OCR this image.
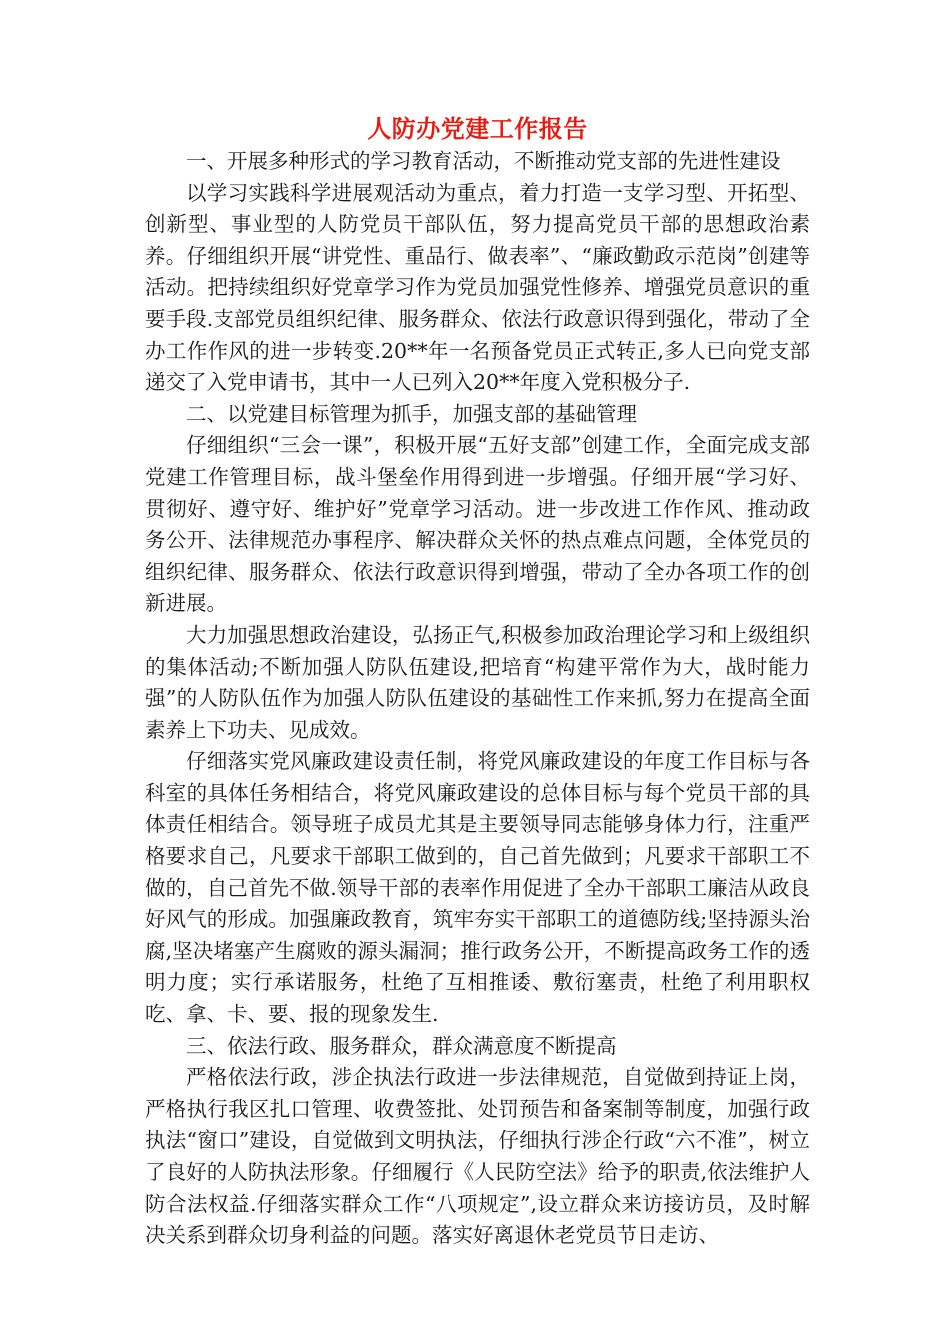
人防办党建工作报告

一、开展多种形式的学习教育活动，不断推动党支部的先进性建设

以学习实践科学进展观活动为重点，着力打造一支学习型、开拓型、创新型、事业型的人防党员干部队伍，努力提高党员干部的思想政治素养。仔细组织开展“讲党性、重品行、做表率”、“廉政勤政示范岗”创建等活动。把持续组织好党章学习作为党员加强党性修养、增强党员意识的重要手段.支部党员组织纪律、服务群众、依法行政意识得到强化，带动了全办工作作风的进一步转变.20**年一名预备党员正式转正,多人已向党支部递交了入党申请书，其中一人已列入20**年度入党积极分子.

二、以党建目标管理为抓手，加强支部的基础管理

仔细组织“三会一课”，积极开展“五好支部”创建工作，全面完成支部党建工作管理目标，战斗堡垒作用得到进一步增强。仔细开展“学习好、贯彻好、遵守好、维护好”党章学习活动。进一步改进工作作风、推动政务公开、法律规范办事程序、解决群众关怀的热点难点问题，全体党员的组织纪律、服务群众、依法行政意识得到增强，带动了全办各项工作的创新进展。

大力加强思想政治建设，弘扬正气,积极参加政治理论学习和上级组织的集体活动;不断加强人防队伍建设,把培育“构建平常作为大，战时能力强”的人防队伍作为加强人防队伍建设的基础性工作来抓,努力在提高全面素养上下功夫、见成效。

仔细落实党风廉政建设责任制，将党风廉政建设的年度工作目标与各科室的具体任务相结合，将党风廉政建设的总体目标与每个党员干部的具体责任相结合。领导班子成员尤其是主要领导同志能够身体力行，注重严格要求自己，凡要求干部职工做到的，自己首先做到；凡要求干部职工不做的，自己首先不做.领导干部的表率作用促进了全办干部职工廉洁从政良好风气的形成。加强廉政教育，筑牢夯实干部职工的道德防线;坚持源头治腐,坚决堵塞产生腐败的源头漏洞；推行政务公开，不断提高政务工作的透明力度；实行承诺服务，杜绝了互相推诿、敷衍塞责，杜绝了利用职权吃、拿、卡、要、报的现象发生.

三、依法行政、服务群众，群众满意度不断提高

严格依法行政，涉企执法行政进一步法律规范，自觉做到持证上岗，严格执行我区扎口管理、收费签批、处罚预告和备案制等制度，加强行政执法“窗口”建设，自觉做到文明执法，仔细执行涉企行政“六不准”，树立了良好的人防执法形象。仔细履行《人民防空法》给予的职责,依法维护人防合法权益.仔细落实群众工作“八项规定”,设立群众来访接访员，及时解决关系到群众切身利益的问题。落实好离退休老党员节日走访、
